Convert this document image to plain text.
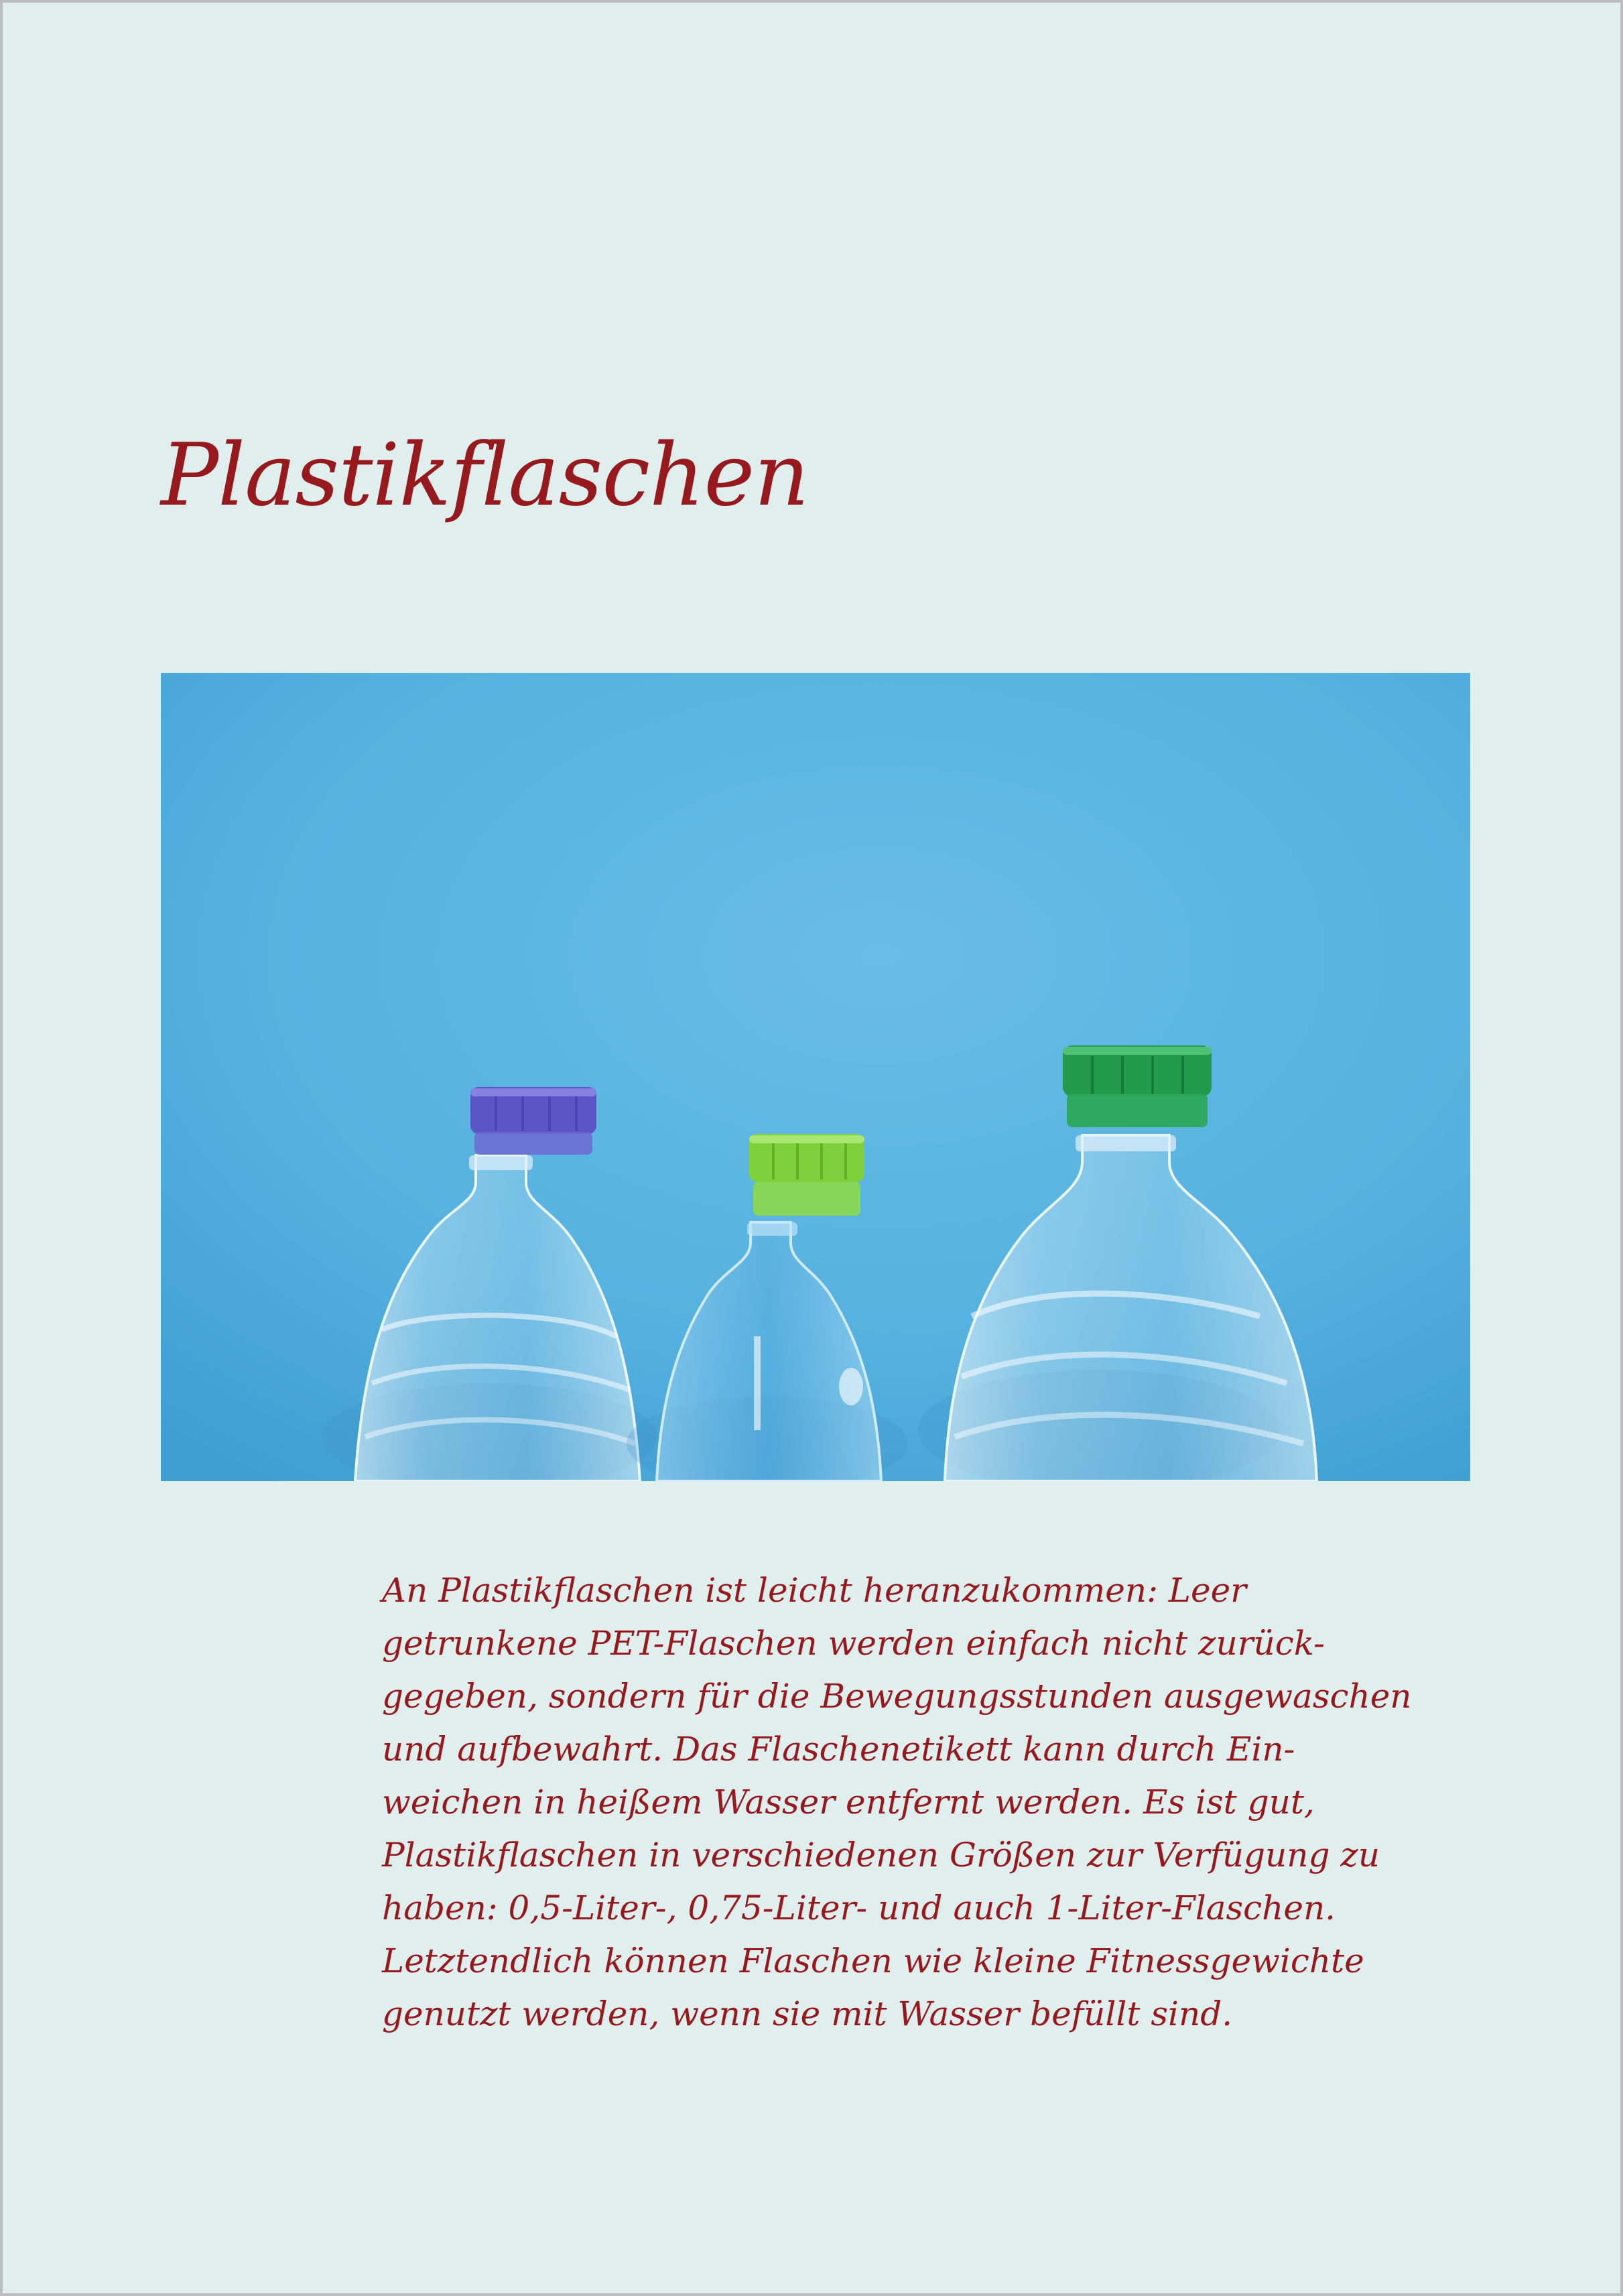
Plastikflaschen

An Plastikflaschen ist leicht heranzukommen: Leer
getrunkene PET-Flaschen werden einfach nicht zurück-
gegeben, sondern für die Bewegungsstunden ausgewaschen
und aufbewahrt. Das Flaschenetikett kann durch Ein-
weichen in heißem Wasser entfernt werden. Es ist gut,
Plastikflaschen in verschiedenen Größen zur Verfügung zu
haben: 0,5-Liter-, 0,75-Liter- und auch 1-Liter-Flaschen.
Letztendlich können Flaschen wie kleine Fitnessgewichte
genutzt werden, wenn sie mit Wasser befüllt sind.
